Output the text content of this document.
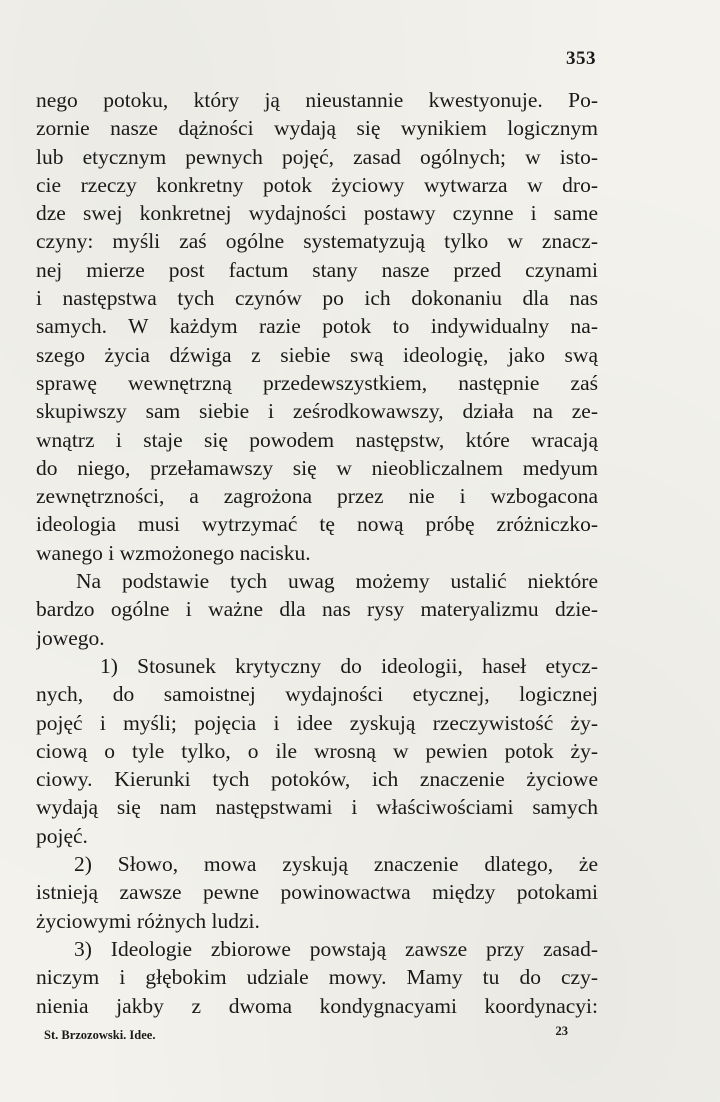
353
nego potoku, który ją nieustannie kwestyonuje. Po-
zornie nasze dążności wydają się wynikiem logicznym
lub etycznym pewnych pojęć, zasad ogólnych; w isto-
cie rzeczy konkretny potok życiowy wytwarza w dro-
dze swej konkretnej wydajności postawy czynne i same
czyny: myśli zaś ogólne systematyzują tylko w znacz-
nej mierze post factum stany nasze przed czynami
i następstwa tych czynów po ich dokonaniu dla nas
samych. W każdym razie potok to indywidualny na-
szego życia dźwiga z siebie swą ideologię, jako swą
sprawę wewnętrzną przedewszystkiem, następnie zaś
skupiwszy sam siebie i ześrodkowawszy, działa na ze-
wnątrz i staje się powodem następstw, które wracają
do niego, przełamawszy się w nieobliczalnem medyum
zewnętrzności, a zagrożona przez nie i wzbogacona
ideologia musi wytrzymać tę nową próbę zróżniczko-
wanego i wzmożonego nacisku.
Na podstawie tych uwag możemy ustalić niektóre
bardzo ogólne i ważne dla nas rysy materyalizmu dzie-
jowego.
1) Stosunek krytyczny do ideologii, haseł etycz-
nych, do samoistnej wydajności etycznej, logicznej
pojęć i myśli; pojęcia i idee zyskują rzeczywistość ży-
ciową o tyle tylko, o ile wrosną w pewien potok ży-
ciowy. Kierunki tych potoków, ich znaczenie życiowe
wydają się nam następstwami i właściwościami samych
pojęć.
2) Słowo, mowa zyskują znaczenie dlatego, że
istnieją zawsze pewne powinowactwa między potokami
życiowymi różnych ludzi.
3) Ideologie zbiorowe powstają zawsze przy zasad-
niczym i głębokim udziale mowy. Mamy tu do czy-
nienia jakby z dwoma kondygnacyami koordynacyi:
St. Brzozowski. Idee.	23
